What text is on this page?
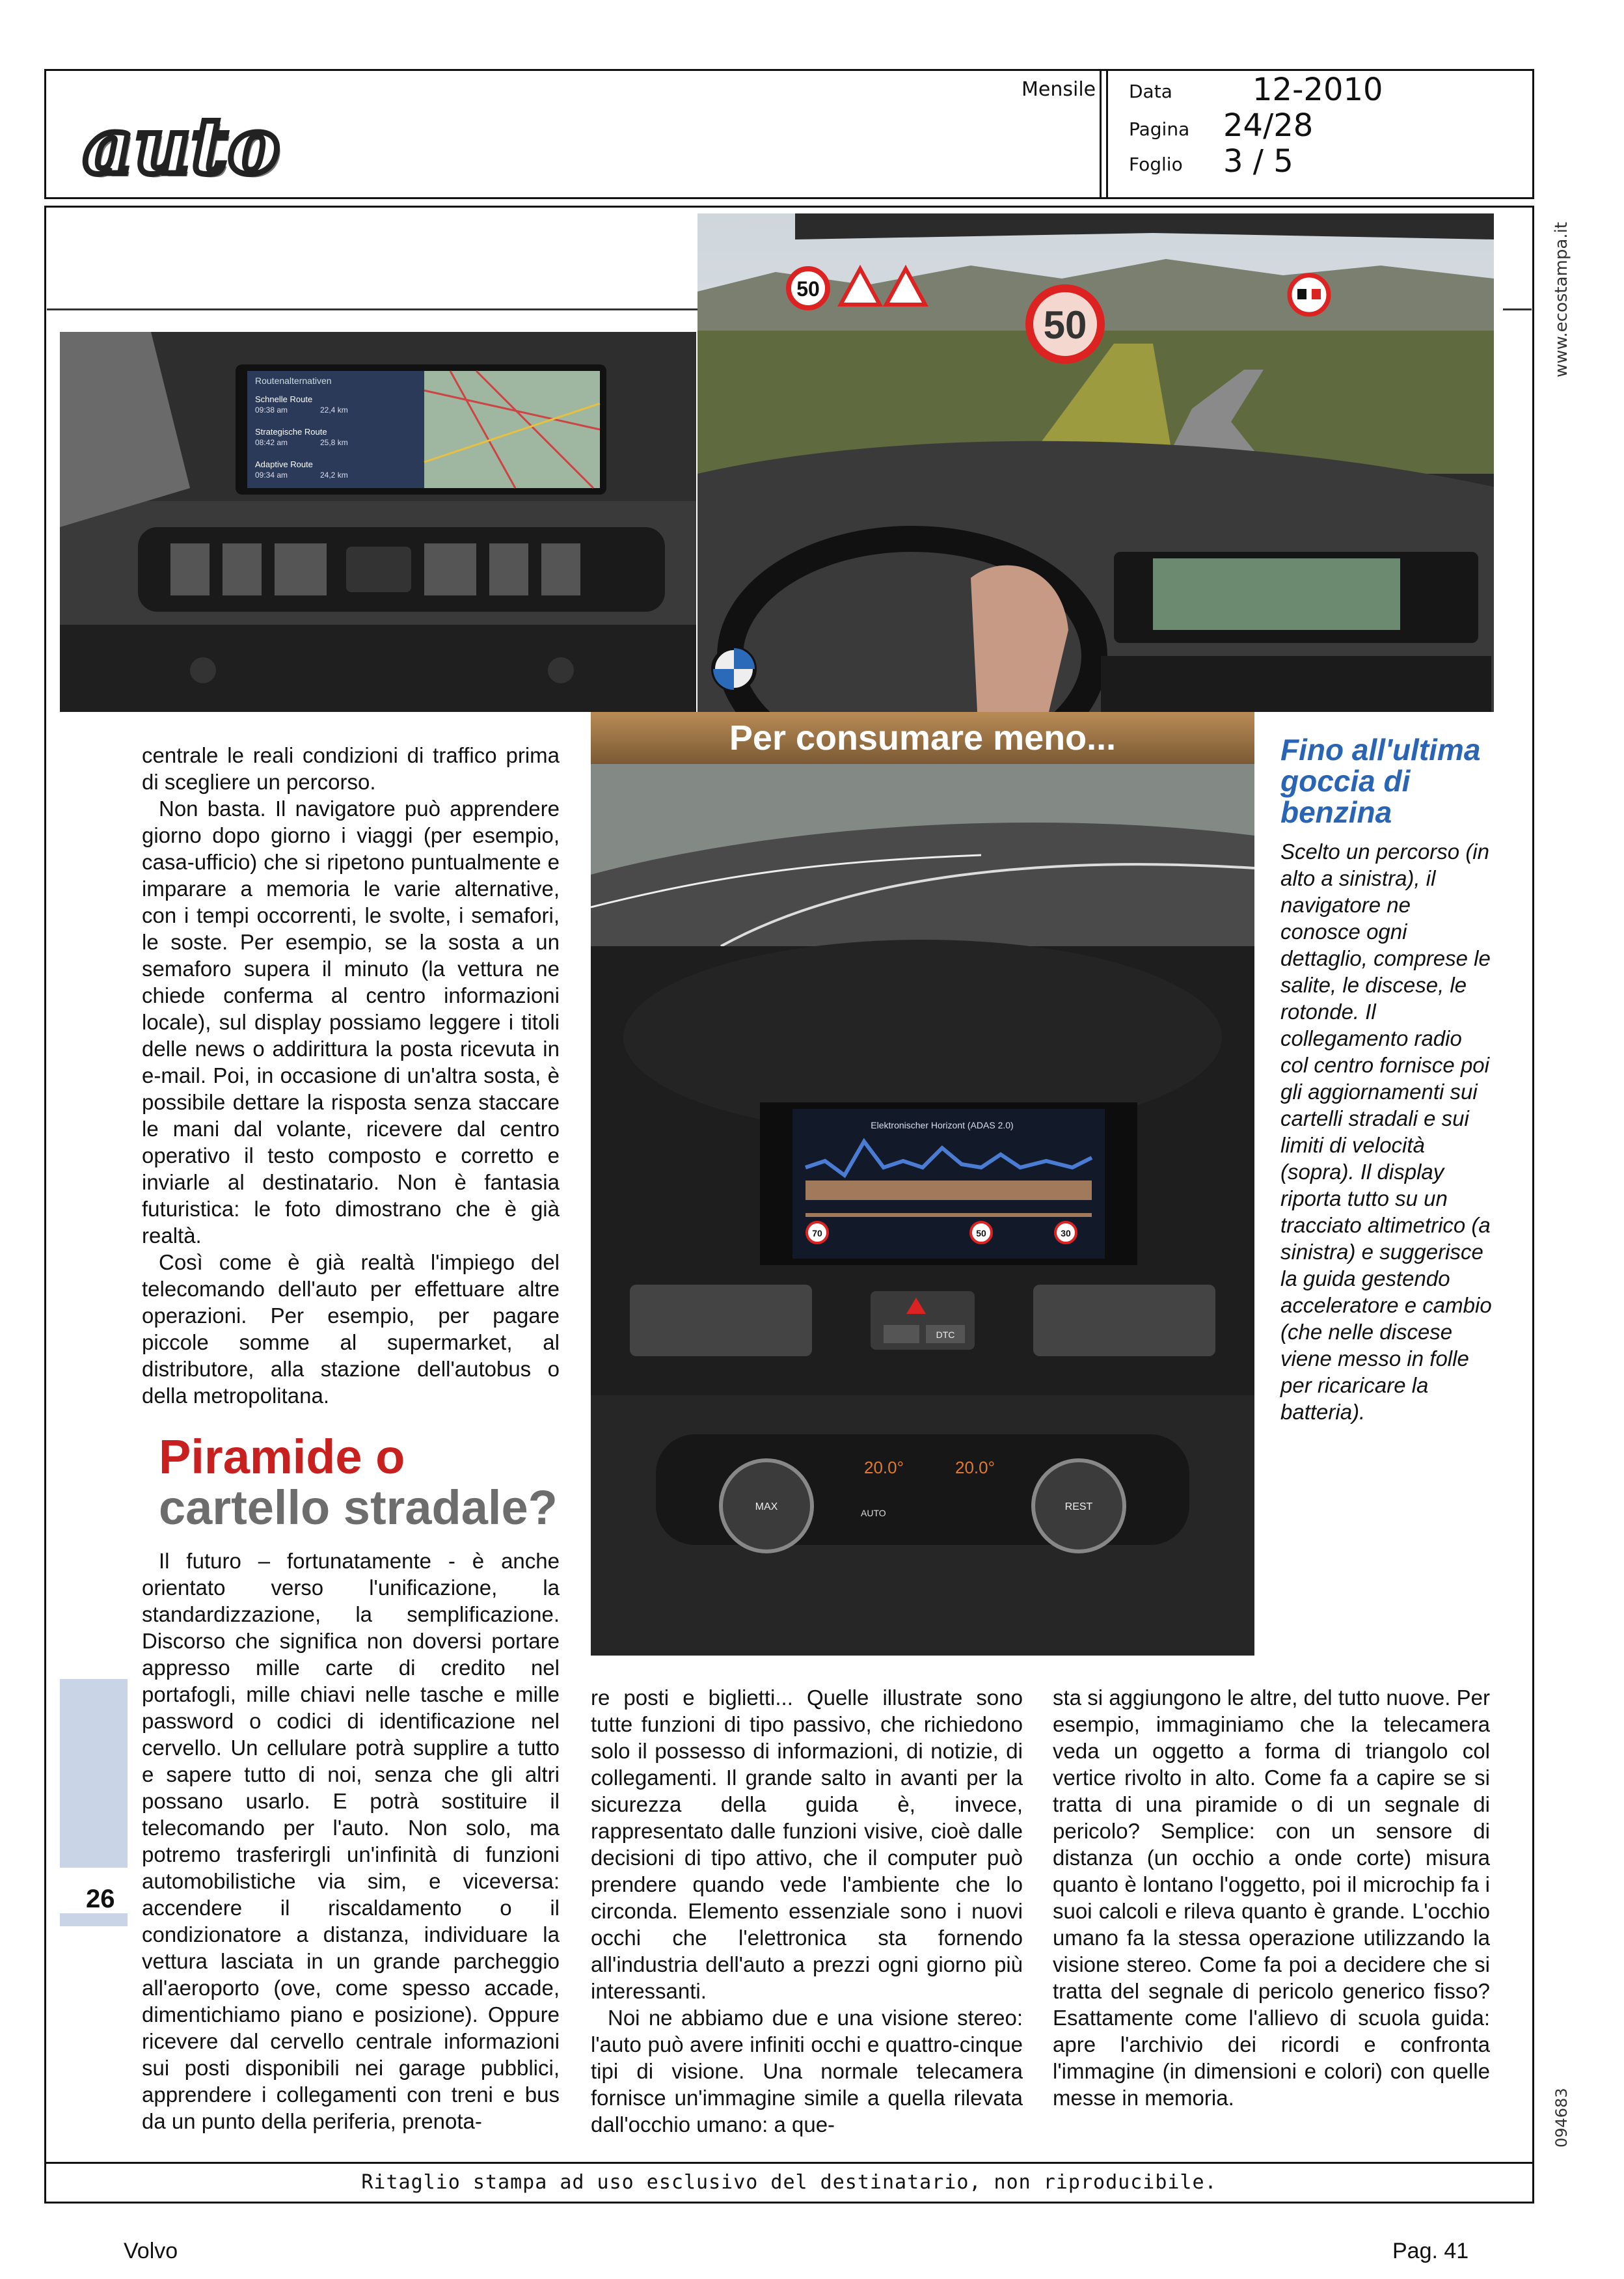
auto
Mensile Data	12-2010
Pagina 24/28
Foglio 3 / 5
Routenalternativen
Schnelle Route
09:38 am	22,4 km
Strategische Route
08:42 am	25,8 km
Adaptive Route
09:34 am	24,2 km
50
50
Per consumare meno...
Elektronischer Horizont (ADAS 2.0)
70	50	30
DTC
MAX	REST
20.0°	20.0°
AUTO

centrale le reali condizioni di traffico prima di scegliere un percorso.

Non basta. Il navigatore può apprendere giorno dopo giorno i viaggi (per esempio, casa-ufficio) che si ripetono puntualmente e imparare a memoria le varie alternative, con i tempi occorrenti, le svolte, i semafori, le soste. Per esempio, se la sosta a un semaforo supera il minuto (la vettura ne chiede conferma al centro informazioni locale), sul display possiamo leggere i titoli delle news o addirittura la posta ricevuta in e-mail. Poi, in occasione di un'altra sosta, è possibile dettare la risposta senza staccare le mani dal volante, ricevere dal centro operativo il testo composto e corretto e inviarle al destinatario. Non è fantasia futuristica: le foto dimostrano che è già realtà.

Così come è già realtà l'impiego del telecomando dell'auto per effettuare altre operazioni. Per esempio, per pagare piccole somme al supermarket, al distributore, alla stazione dell'autobus o della metropolitana.

Piramide o
cartello stradale?

Il futuro – fortunatamente - è anche orientato verso l'unificazione, la standardizzazione, la semplificazione. Discorso che significa non doversi portare appresso mille carte di credito nel portafogli, mille chiavi nelle tasche e mille password o codici di identificazione nel cervello. Un cellulare potrà supplire a tutto e sapere tutto di noi, senza che gli altri possano usarlo. E potrà sostituire il telecomando per l'auto. Non solo, ma potremo trasferirgli un'infinità di funzioni automobilistiche via sim, e viceversa: accendere il riscaldamento o il condizionatore a distanza, individuare la vettura lasciata in un grande parcheggio all'aeroporto (ove, come spesso accade, dimentichiamo piano e posizione). Oppure ricevere dal cervello centrale informazioni sui posti disponibili nei garage pubblici, apprendere i collegamenti con treni e bus da un punto della periferia, prenota-

26

re posti e biglietti... Quelle illustrate sono tutte funzioni di tipo passivo, che richiedono solo il possesso di informazioni, di notizie, di collegamenti. Il grande salto in avanti per la sicurezza della guida è, invece, rappresentato dalle funzioni visive, cioè dalle decisioni di tipo attivo, che il computer può prendere quando vede l'ambiente che lo circonda. Elemento essenziale sono i nuovi occhi che l'elettronica sta fornendo all'industria dell'auto a prezzi ogni giorno più interessanti.

Noi ne abbiamo due e una visione stereo: l'auto può avere infiniti occhi e quattro-cinque tipi di visione. Una normale telecamera fornisce un'immagine simile a quella rilevata dall'occhio umano: a que-

sta si aggiungono le altre, del tutto nuove. Per esempio, immaginiamo che la telecamera veda un oggetto a forma di triangolo col vertice rivolto in alto. Come fa a capire se si tratta di una piramide o di un segnale di pericolo? Semplice: con un sensore di distanza (un occhio a onde corte) misura quanto è lontano l'oggetto, poi il microchip fa i suoi calcoli e rileva quanto è grande. L'occhio umano fa la stessa operazione utilizzando la visione stereo. Come fa poi a decidere che si tratta del segnale di pericolo generico fisso? Esattamente come l'allievo di scuola guida: apre l'archivio dei ricordi e confronta l'immagine (in dimensioni e colori) con quelle messe in memoria.

Fino all'ultima goccia di benzina
Scelto un percorso (in alto a sinistra), il navigatore ne conosce ogni dettaglio, comprese le salite, le discese, le rotonde. Il collegamento radio col centro fornisce poi gli aggiornamenti sui cartelli stradali e sui limiti di velocità (sopra). Il display riporta tutto su un tracciato altimetrico (a sinistra) e suggerisce la guida gestendo acceleratore e cambio (che nelle discese viene messo in folle per ricaricare la batteria).
www.ecostampa.it
094683
Ritaglio stampa ad uso esclusivo del destinatario, non riproducibile.
Volvo	Pag. 41
